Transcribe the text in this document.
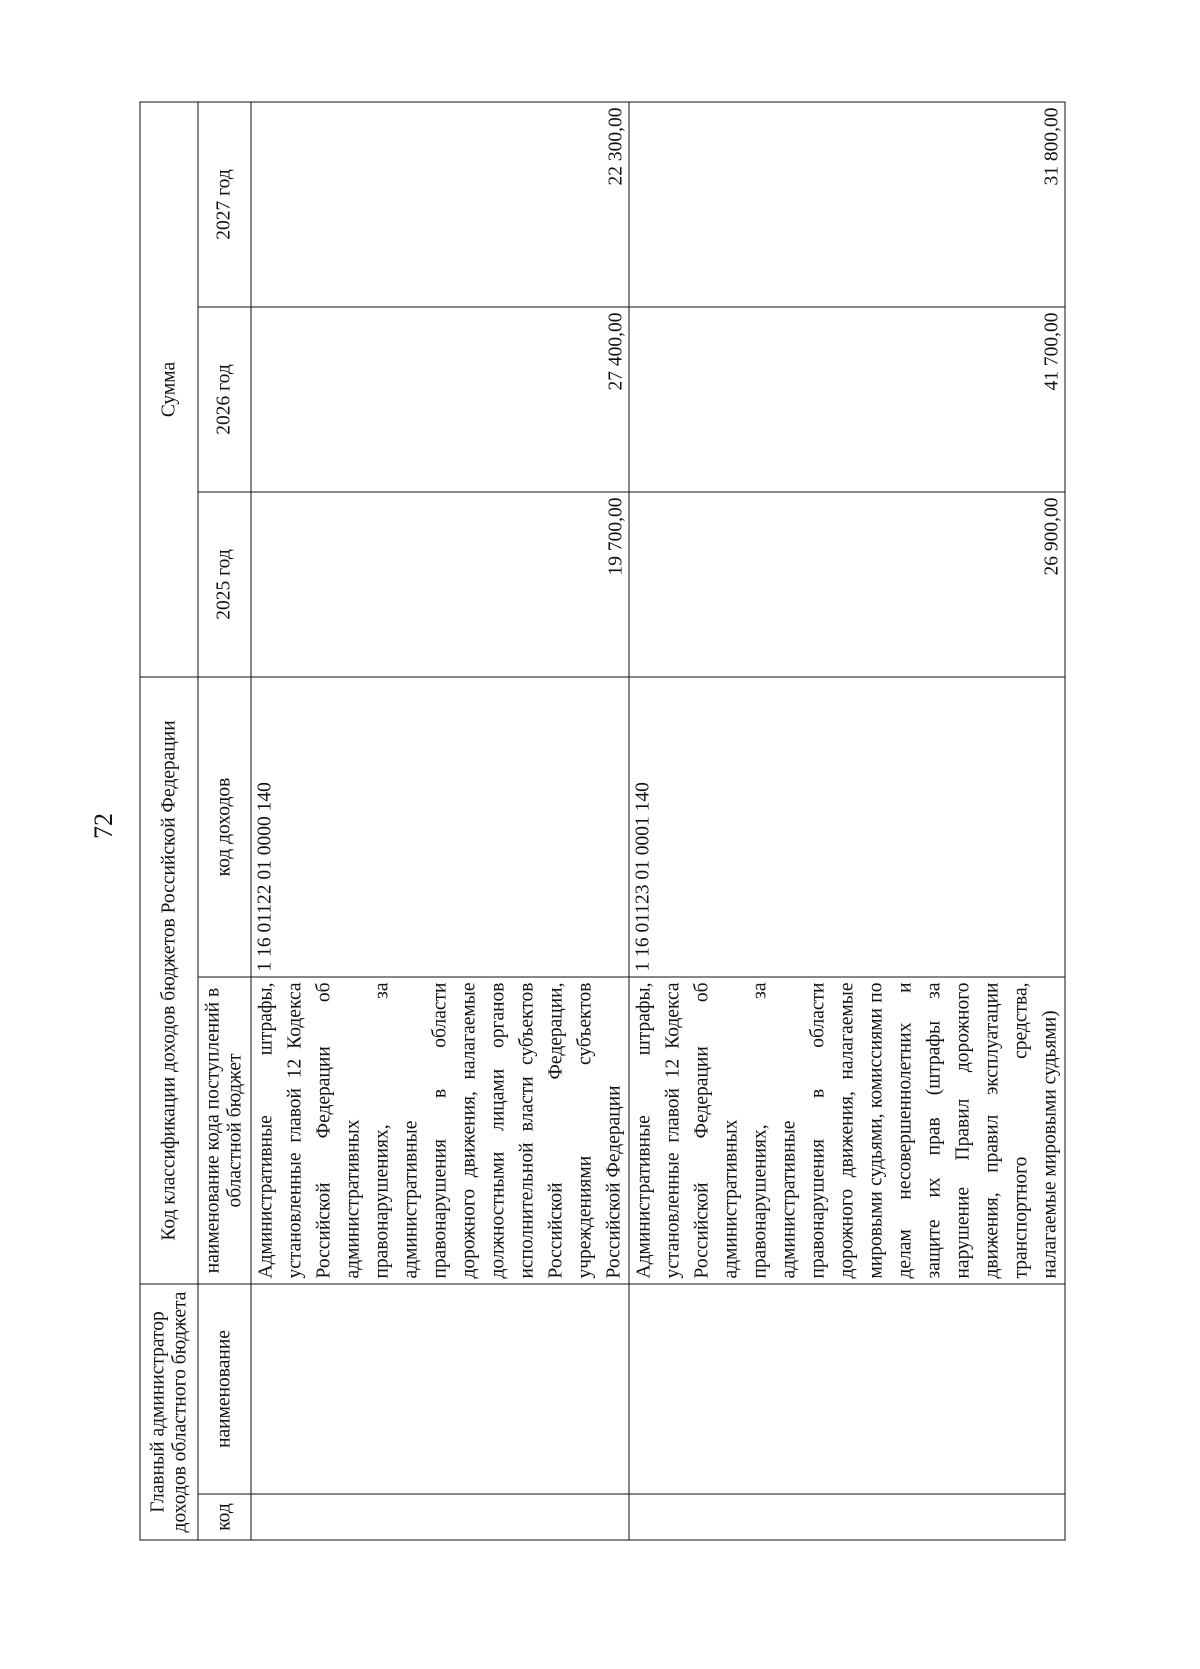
72
Главный администратор доходов областного бюджета		Код классификации доходов бюджетов Российской Федерации		Сумма		
код	наименование	наименование кода поступлений в областной бюджет	код доходов	2025 год	2026 год	2027 год
		Административные штрафы, установленные главой 12 Кодекса Российской Федерации об административных правонарушениях, за административные правонарушения в области дорожного движения, налагаемые должностными лицами органов исполнительной власти субъектов Российской Федерации, учреждениями субъектов Российской Федерации	1 16 01122 01 0000 140	19 700,00	27 400,00	22 300,00
		Административные штрафы, установленные главой 12 Кодекса Российской Федерации об административных правонарушениях, за административные правонарушения в области дорожного движения, налагаемые мировыми судьями, комиссиями по делам несовершеннолетних и защите их прав (штрафы за нарушение Правил дорожного движения, правил эксплуатации транспортного средства, налагаемые мировыми судьями)	1 16 01123 01 0001 140	26 900,00	41 700,00	31 800,00
